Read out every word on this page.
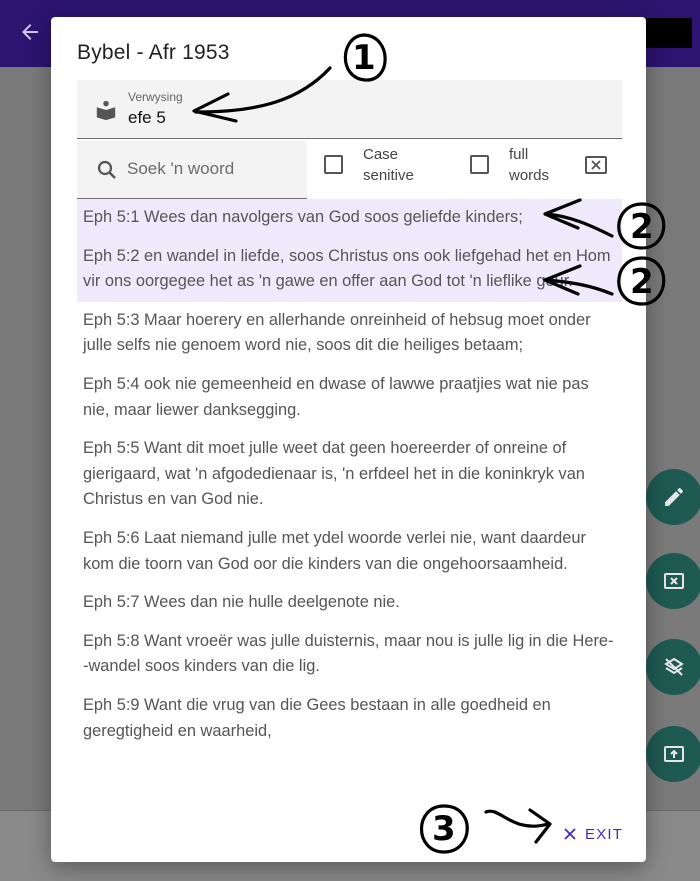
Bybel - Afr 1953
Verwysing
efe 5
Soek 'n woord
Case
senitive
full
words
Eph 5:1 Wees dan navolgers van God soos geliefde kinders;
Eph 5:2 en wandel in liefde, soos Christus ons ook liefgehad het en Hom vir ons oorgegee het as 'n gawe en offer aan God tot 'n lieflike geur.
Eph 5:3 Maar hoerery en allerhande onreinheid of hebsug moet onder julle selfs nie genoem word nie, soos dit die heiliges betaam;
Eph 5:4 ook nie gemeenheid en dwase of lawwe praatjies wat nie pas nie, maar liewer danksegging.
Eph 5:5 Want dit moet julle weet dat geen hoereerder of onreine of gierigaard, wat 'n afgodedienaar is, 'n erfdeel het in die koninkryk van Christus en van God nie.
Eph 5:6 Laat niemand julle met ydel woorde verlei nie, want daardeur kom die toorn van God oor die kinders van die ongehoorsaamheid.
Eph 5:7 Wees dan nie hulle deelgenote nie.
Eph 5:8 Want vroeër was julle duisternis, maar nou is julle lig in die Here--wandel soos kinders van die lig.
Eph 5:9 Want die vrug van die Gees bestaan in alle goedheid en geregtigheid en waarheid,
EXIT
1
2
2
3
